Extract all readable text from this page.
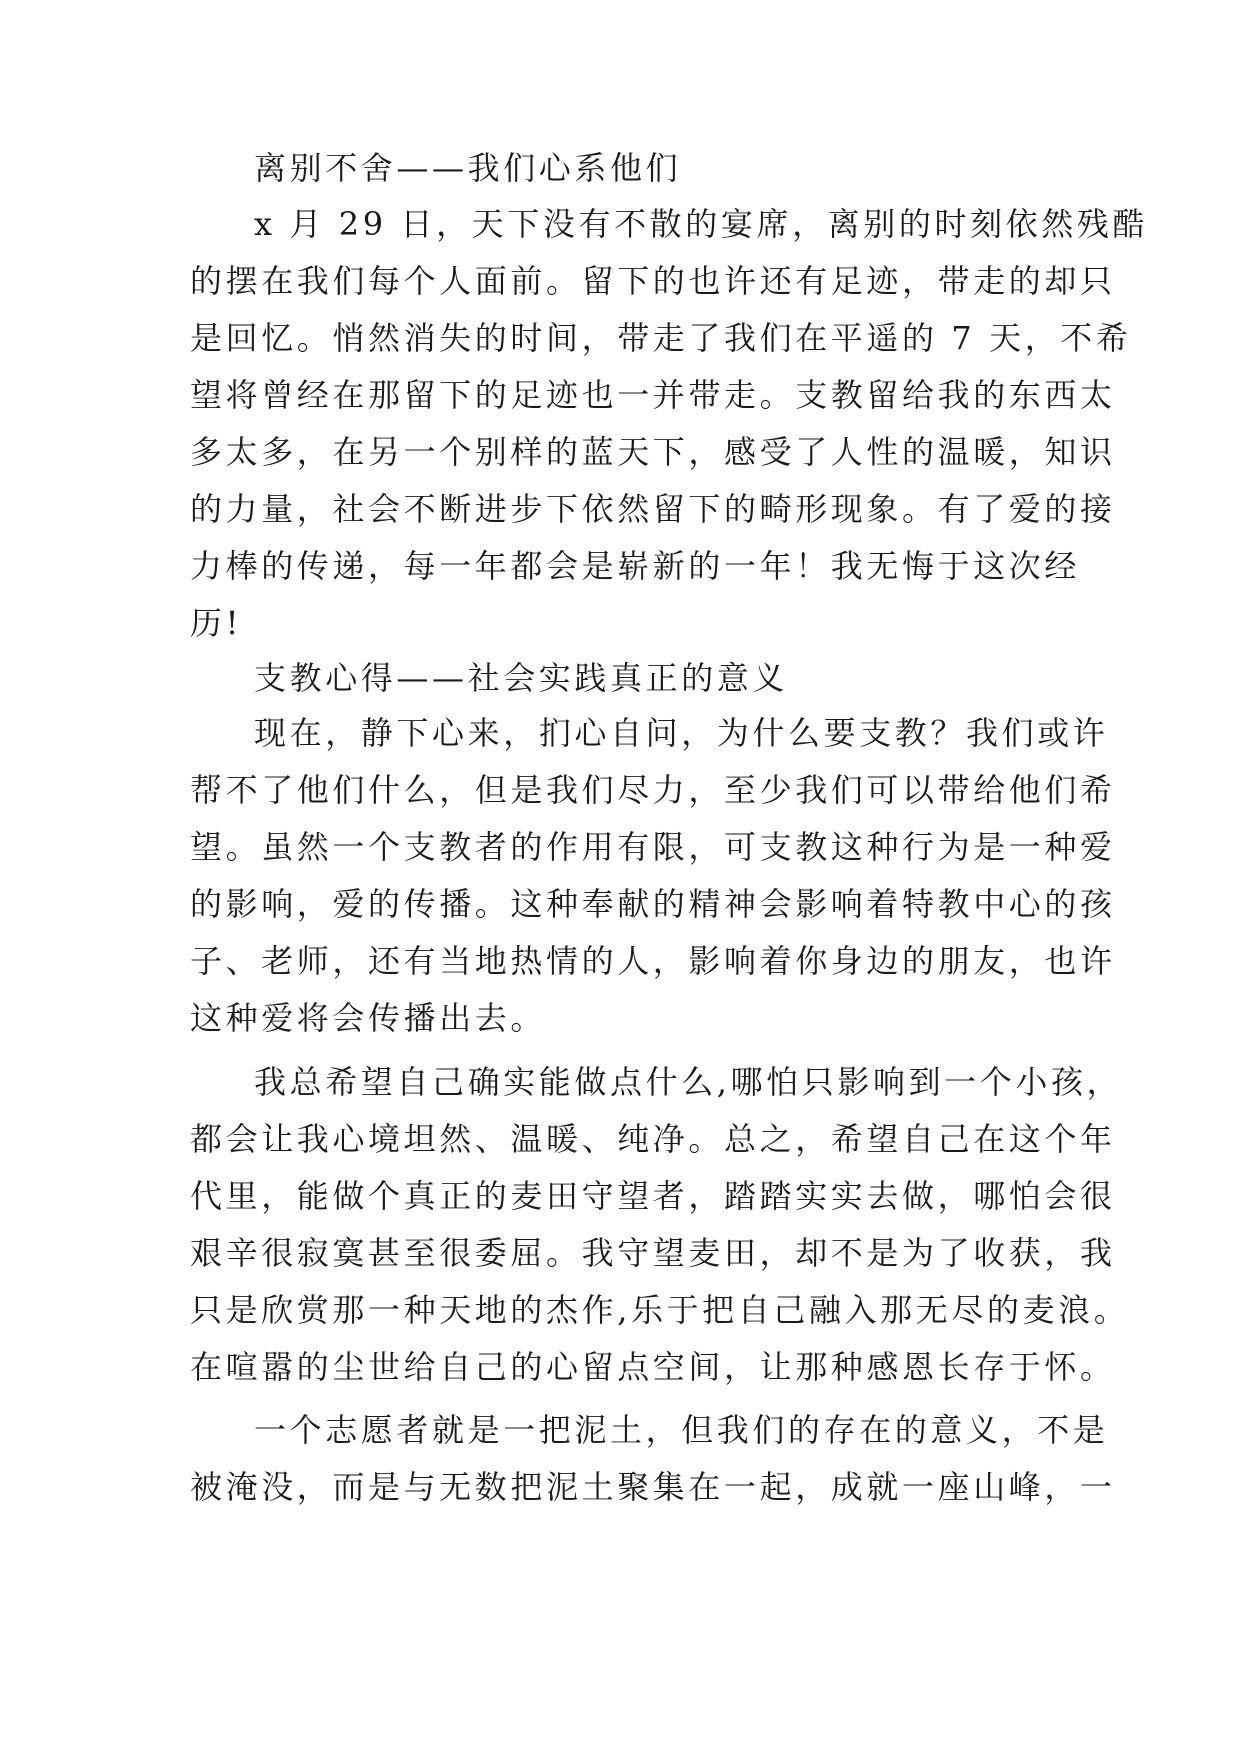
离别不舍——我们心系他们
x 月 29 日，天下没有不散的宴席，离别的时刻依然残酷
的摆在我们每个人面前。留下的也许还有足迹，带走的却只
是回忆。悄然消失的时间，带走了我们在平遥的 7 天，不希
望将曾经在那留下的足迹也一并带走。支教留给我的东西太
多太多，在另一个别样的蓝天下，感受了人性的温暖，知识
的力量，社会不断进步下依然留下的畸形现象。有了爱的接
力棒的传递，每一年都会是崭新的一年！我无悔于这次经
历!
支教心得——社会实践真正的意义
现在，静下心来，扪心自问，为什么要支教？我们或许
帮不了他们什么，但是我们尽力，至少我们可以带给他们希
望。虽然一个支教者的作用有限，可支教这种行为是一种爱
的影响，爱的传播。这种奉献的精神会影响着特教中心的孩
子、老师，还有当地热情的人，影响着你身边的朋友，也许
这种爱将会传播出去。
我总希望自己确实能做点什么,哪怕只影响到一个小孩，
都会让我心境坦然、温暖、纯净。总之，希望自己在这个年
代里，能做个真正的麦田守望者，踏踏实实去做，哪怕会很
艰辛很寂寞甚至很委屈。我守望麦田，却不是为了收获，我
只是欣赏那一种天地的杰作,乐于把自己融入那无尽的麦浪。
在喧嚣的尘世给自己的心留点空间，让那种感恩长存于怀。
一个志愿者就是一把泥土，但我们的存在的意义，不是
被淹没，而是与无数把泥土聚集在一起，成就一座山峰，一
